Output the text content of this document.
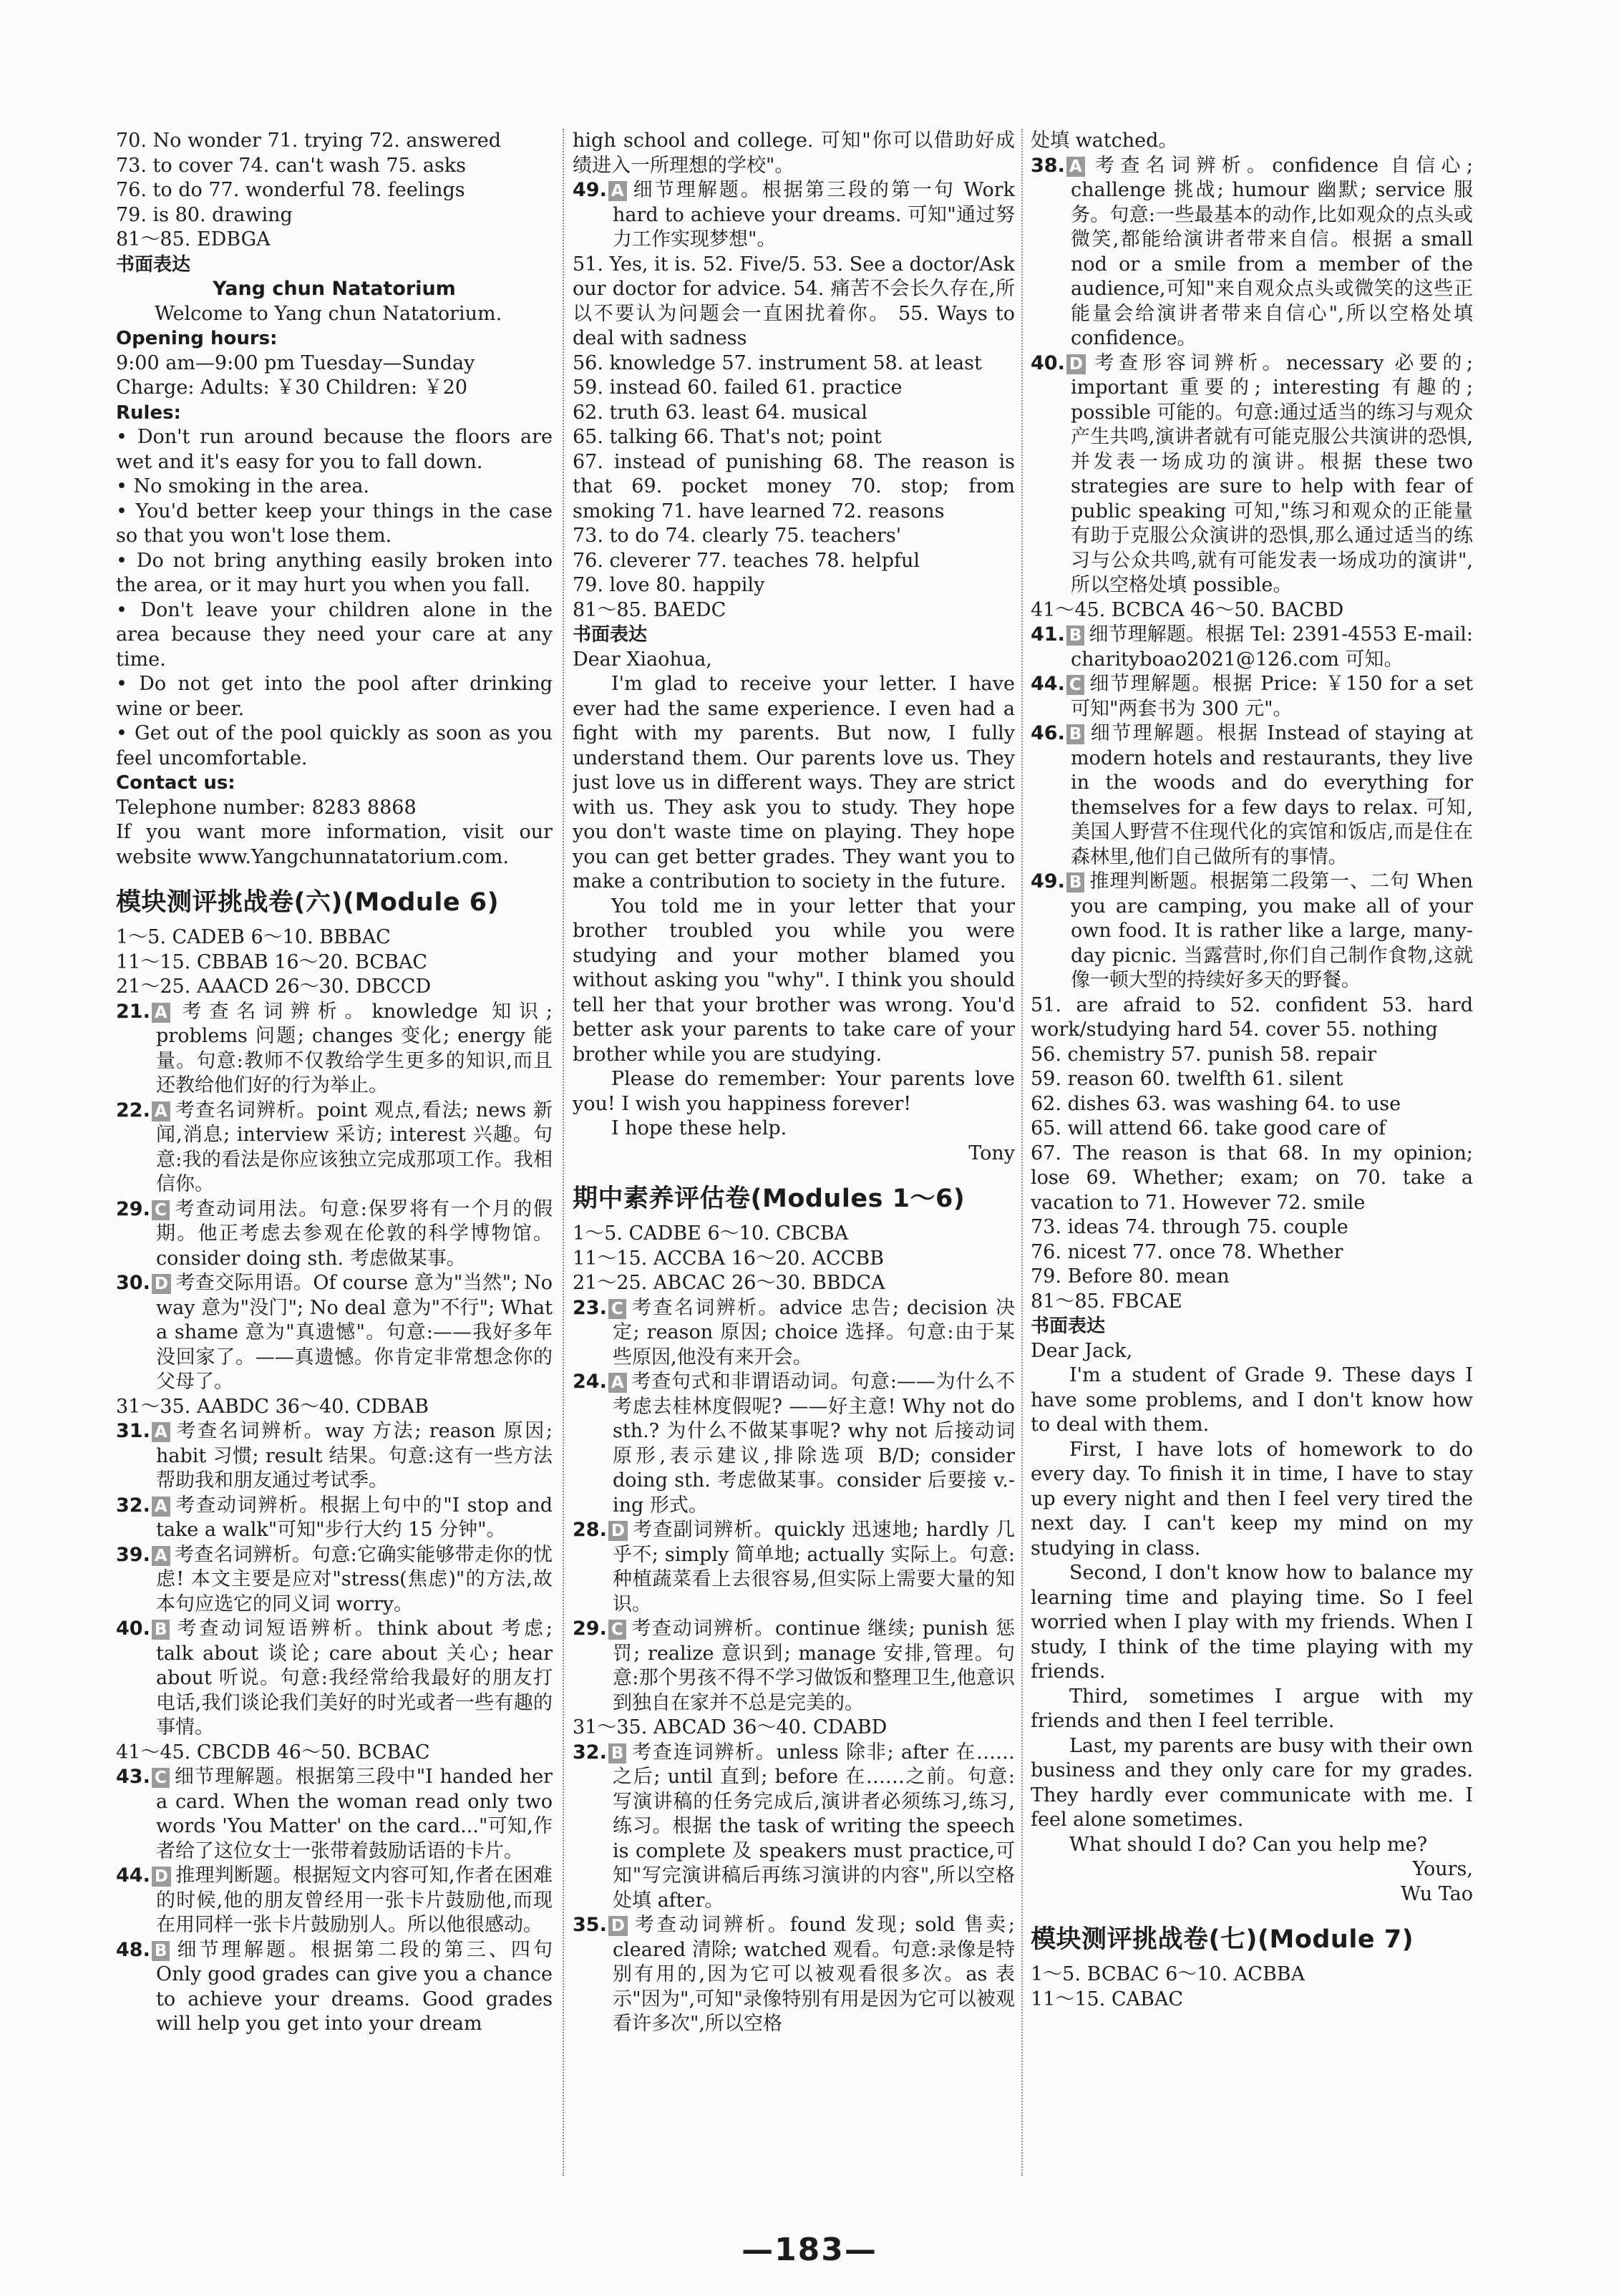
70. No wonder 71. trying 72. answered
73. to cover 74. can't wash 75. asks
76. to do 77. wonderful 78. feelings
79. is 80. drawing
81～85. EDBGA
书面表达
Yang chun Natatorium
Welcome to Yang chun Natatorium.
Opening hours:
9:00 am—9:00 pm Tuesday—Sunday
Charge: Adults: ￥30 Children: ￥20
Rules:
• Don't run around because the floors are wet and it's easy for you to fall down.
• No smoking in the area.
• You'd better keep your things in the case so that you won't lose them.
• Do not bring anything easily broken into the area, or it may hurt you when you fall.
• Don't leave your children alone in the area because they need your care at any time.
• Do not get into the pool after drinking wine or beer.
• Get out of the pool quickly as soon as you feel uncomfortable.
Contact us:
Telephone number: 8283 8868
If you want more information, visit our website www.Yangchunnatatorium.com.
模块测评挑战卷(六)(Module 6)
1～5. CADEB 6～10. BBBAC
11～15. CBBAB 16～20. BCBAC
21～25. AAACD 26～30. DBCCD
21. A 考查名词辨析。knowledge 知识; problems 问题; changes 变化; energy 能量。句意:教师不仅教给学生更多的知识,而且还教给他们好的行为举止。
22. A 考查名词辨析。point 观点,看法; news 新闻,消息; interview 采访; interest 兴趣。句意:我的看法是你应该独立完成那项工作。我相信你。
29. C 考查动词用法。句意:保罗将有一个月的假期。他正考虑去参观在伦敦的科学博物馆。consider doing sth. 考虑做某事。
30. D 考查交际用语。Of course 意为"当然"; No way 意为"没门"; No deal 意为"不行"; What a shame 意为"真遗憾"。句意:——我好多年没回家了。——真遗憾。你肯定非常想念你的父母了。
31～35. AABDC 36～40. CDBAB
31. A 考查名词辨析。way 方法; reason 原因; habit 习惯; result 结果。句意:这有一些方法帮助我和朋友通过考试季。
32. A 考查动词辨析。根据上句中的"I stop and take a walk"可知"步行大约 15 分钟"。
39. A 考查名词辨析。句意:它确实能够带走你的忧虑! 本文主要是应对"stress(焦虑)"的方法,故本句应选它的同义词 worry。
40. B 考查动词短语辨析。think about 考虑; talk about 谈论; care about 关心; hear about 听说。句意:我经常给我最好的朋友打电话,我们谈论我们美好的时光或者一些有趣的事情。
41～45. CBCDB 46～50. BCBAC
43. C 细节理解题。根据第三段中"I handed her a card. When the woman read only two words 'You Matter' on the card..."可知,作者给了这位女士一张带着鼓励话语的卡片。
44. D 推理判断题。根据短文内容可知,作者在困难的时候,他的朋友曾经用一张卡片鼓励他,而现在用同样一张卡片鼓励别人。所以他很感动。
48. B 细节理解题。根据第二段的第三、四句 Only good grades can give you a chance to achieve your dreams. Good grades will help you get into your dream
high school and college. 可知"你可以借助好成绩进入一所理想的学校"。
49. A 细节理解题。根据第三段的第一句 Work hard to achieve your dreams. 可知"通过努力工作实现梦想"。
51. Yes, it is. 52. Five/5. 53. See a doctor/Ask our doctor for advice. 54. 痛苦不会长久存在,所以不要认为问题会一直困扰着你。 55. Ways to deal with sadness
56. knowledge 57. instrument 58. at least
59. instead 60. failed 61. practice
62. truth 63. least 64. musical
65. talking 66. That's not; point
67. instead of punishing 68. The reason is that 69. pocket money 70. stop; from smoking 71. have learned 72. reasons
73. to do 74. clearly 75. teachers'
76. cleverer 77. teaches 78. helpful
79. love 80. happily
81～85. BAEDC
书面表达
Dear Xiaohua,
I'm glad to receive your letter. I have ever had the same experience. I even had a fight with my parents. But now, I fully understand them. Our parents love us. They just love us in different ways. They are strict with us. They ask you to study. They hope you don't waste time on playing. They hope you can get better grades. They want you to make a contribution to society in the future.
You told me in your letter that your brother troubled you while you were studying and your mother blamed you without asking you "why". I think you should tell her that your brother was wrong. You'd better ask your parents to take care of your brother while you are studying.
Please do remember: Your parents love you! I wish you happiness forever!
I hope these help.
Tony
期中素养评估卷(Modules 1～6)
1～5. CADBE 6～10. CBCBA
11～15. ACCBA 16～20. ACCBB
21～25. ABCAC 26～30. BBDCA
23. C 考查名词辨析。advice 忠告; decision 决定; reason 原因; choice 选择。句意:由于某些原因,他没有来开会。
24. A 考查句式和非谓语动词。句意:——为什么不考虑去桂林度假呢? ——好主意! Why not do sth.? 为什么不做某事呢? why not 后接动词原形,表示建议,排除选项 B/D; consider doing sth. 考虑做某事。consider 后要接 v.-ing 形式。
28. D 考查副词辨析。quickly 迅速地; hardly 几乎不; simply 简单地; actually 实际上。句意:种植蔬菜看上去很容易,但实际上需要大量的知识。
29. C 考查动词辨析。continue 继续; punish 惩罚; realize 意识到; manage 安排,管理。句意:那个男孩不得不学习做饭和整理卫生,他意识到独自在家并不总是完美的。
31～35. ABCAD 36～40. CDABD
32. B 考查连词辨析。unless 除非; after 在……之后; until 直到; before 在……之前。句意:写演讲稿的任务完成后,演讲者必须练习,练习,练习。根据 the task of writing the speech is complete 及 speakers must practice,可知"写完演讲稿后再练习演讲的内容",所以空格处填 after。
35. D 考查动词辨析。found 发现; sold 售卖; cleared 清除; watched 观看。句意:录像是特别有用的,因为它可以被观看很多次。as 表示"因为",可知"录像特别有用是因为它可以被观看许多次",所以空格
处填 watched。
38. A 考查名词辨析。confidence 自信心; challenge 挑战; humour 幽默; service 服务。句意:一些最基本的动作,比如观众的点头或微笑,都能给演讲者带来自信。根据 a small nod or a smile from a member of the audience,可知"来自观众点头或微笑的这些正能量会给演讲者带来自信心",所以空格处填 confidence。
40. D 考查形容词辨析。necessary 必要的; important 重要的; interesting 有趣的; possible 可能的。句意:通过适当的练习与观众产生共鸣,演讲者就有可能克服公共演讲的恐惧,并发表一场成功的演讲。根据 these two strategies are sure to help with fear of public speaking 可知,"练习和观众的正能量有助于克服公众演讲的恐惧,那么通过适当的练习与公众共鸣,就有可能发表一场成功的演讲",所以空格处填 possible。
41～45. BCBCA 46～50. BACBD
41. B 细节理解题。根据 Tel: 2391-4553 E-mail: charityboao2021@126.com 可知。
44. C 细节理解题。根据 Price: ￥150 for a set 可知"两套书为 300 元"。
46. B 细节理解题。根据 Instead of staying at modern hotels and restaurants, they live in the woods and do everything for themselves for a few days to relax. 可知,美国人野营不住现代化的宾馆和饭店,而是住在森林里,他们自己做所有的事情。
49. B 推理判断题。根据第二段第一、二句 When you are camping, you make all of your own food. It is rather like a large, many-day picnic. 当露营时,你们自己制作食物,这就像一顿大型的持续好多天的野餐。
51. are afraid to 52. confident 53. hard work/studying hard 54. cover 55. nothing
56. chemistry 57. punish 58. repair
59. reason 60. twelfth 61. silent
62. dishes 63. was washing 64. to use
65. will attend 66. take good care of
67. The reason is that 68. In my opinion; lose 69. Whether; exam; on 70. take a vacation to 71. However 72. smile
73. ideas 74. through 75. couple
76. nicest 77. once 78. Whether
79. Before 80. mean
81～85. FBCAE
书面表达
Dear Jack,
I'm a student of Grade 9. These days I have some problems, and I don't know how to deal with them.
First, I have lots of homework to do every day. To finish it in time, I have to stay up every night and then I feel very tired the next day. I can't keep my mind on my studying in class.
Second, I don't know how to balance my learning time and playing time. So I feel worried when I play with my friends. When I study, I think of the time playing with my friends.
Third, sometimes I argue with my friends and then I feel terrible.
Last, my parents are busy with their own business and they only care for my grades. They hardly ever communicate with me. I feel alone sometimes.
What should I do? Can you help me?
Yours,
Wu Tao
模块测评挑战卷(七)(Module 7)
1～5. BCBAC 6～10. ACBBA
11～15. CABAC
—183—
